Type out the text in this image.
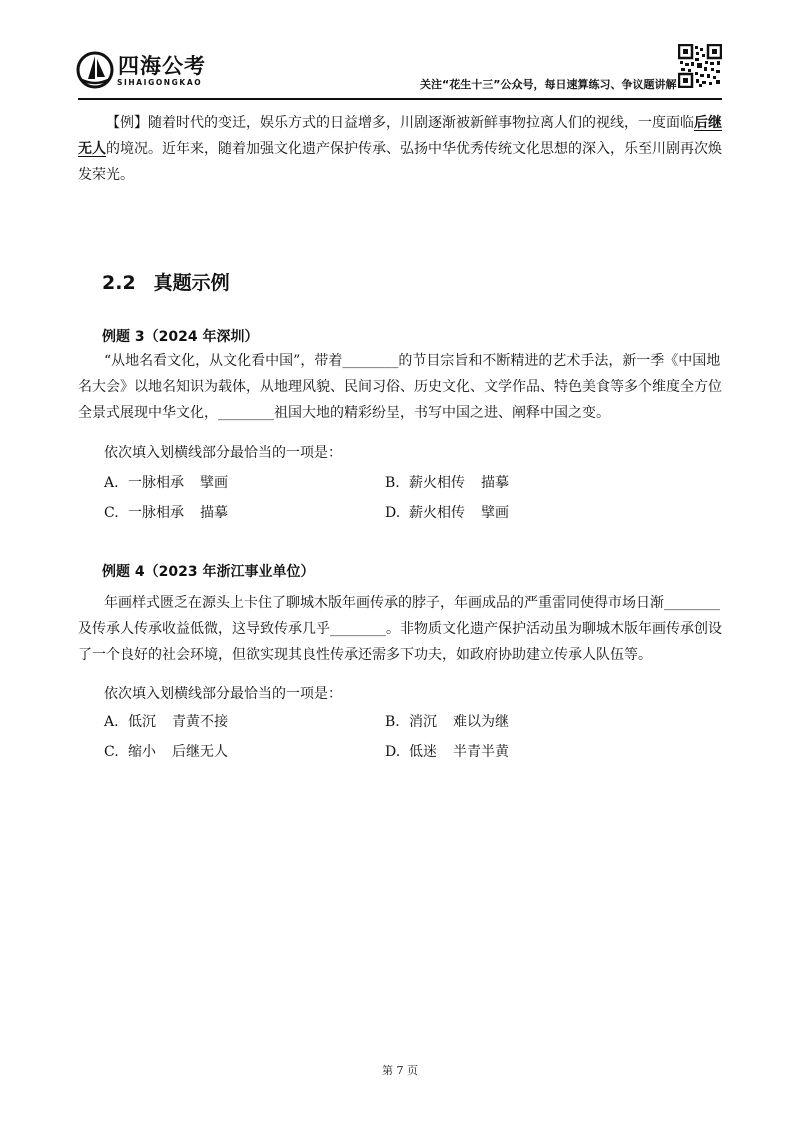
四海公考
SIHAIGONGKAO	关注“花生十三”公众号，每日速算练习、争议题讲解

【例】随着时代的变迁，娱乐方式的日益增多，川剧逐渐被新鲜事物拉离人们的视线，一度面临后继无人的境况。近年来，随着加强文化遗产保护传承、弘扬中华优秀传统文化思想的深入，乐至川剧再次焕发荣光。

2.2 真题示例
例题 3（2024 年深圳）

“从地名看文化，从文化看中国”，带着________的节目宗旨和不断精进的艺术手法，新一季《中国地名大会》以地名知识为载体，从地理风貌、民间习俗、历史文化、文学作品、特色美食等多个维度全方位全景式展现中华文化，________祖国大地的精彩纷呈，书写中国之进、阐释中国之变。

依次填入划横线部分最恰当的一项是：
A. 一脉相承 擘画	B. 薪火相传 描摹
C. 一脉相承 描摹	D. 薪火相传 擘画
例题 4（2023 年浙江事业单位）

年画样式匮乏在源头上卡住了聊城木版年画传承的脖子，年画成品的严重雷同使得市场日渐________及传承人传承收益低微，这导致传承几乎________。非物质文化遗产保护活动虽为聊城木版年画传承创设了一个良好的社会环境，但欲实现其良性传承还需多下功夫，如政府协助建立传承人队伍等。

依次填入划横线部分最恰当的一项是：
A. 低沉 青黄不接	B. 消沉 难以为继
C. 缩小 后继无人	D. 低迷 半青半黄
第 7 页
